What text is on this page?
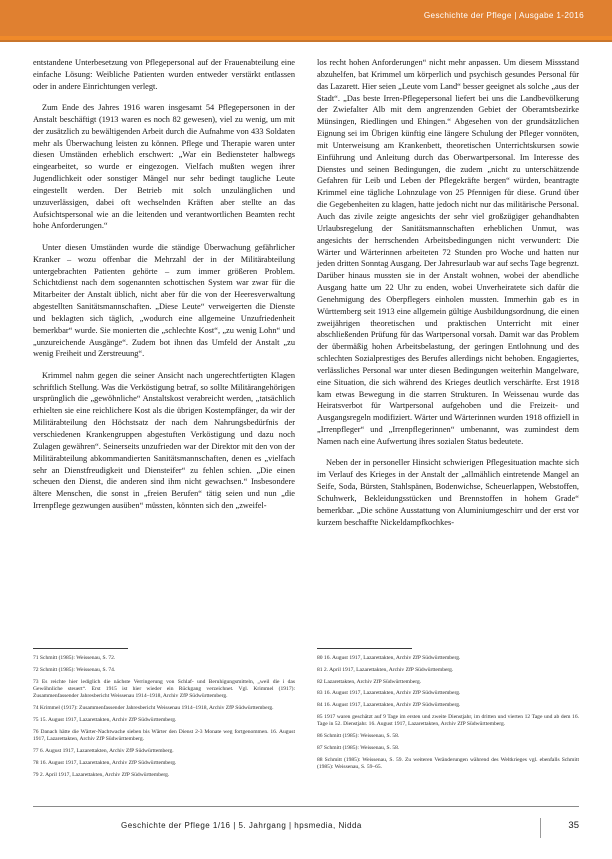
Geschichte der Pflege | Ausgabe 1-2016

entstandene Unterbesetzung von Pflegepersonal auf der Frauenabteilung eine einfache Lösung: Weibliche Patienten wurden entweder verstärkt entlassen oder in andere Einrichtungen verlegt.

Zum Ende des Jahres 1916 waren insgesamt 54 Pflegepersonen in der Anstalt beschäftigt (1913 waren es noch 82 gewesen), viel zu wenig, um mit der zusätzlich zu bewältigenden Arbeit durch die Aufnahme von 433 Soldaten mehr als Überwachung leisten zu können. Pflege und Therapie waren unter diesen Umständen erheblich erschwert: „War ein Bediensteter halbwegs eingearbeitet, so wurde er eingezogen. Vielfach mußten wegen ihrer Jugendlichkeit oder sonstiger Mängel nur sehr bedingt taugliche Leute eingestellt werden. Der Betrieb mit solch unzulänglichen und unzuverlässigen, dabei oft wechselnden Kräften aber stellte an das Aufsichtspersonal wie an die leitenden und verantwortlichen Beamten recht hohe Anforderungen.“

Unter diesen Umständen wurde die ständige Überwachung gefährlicher Kranker – wozu offenbar die Mehrzahl der in der Militärabteilung untergebrachten Patienten gehörte – zum immer größeren Problem. Schichtdienst nach dem sogenannten schottischen System war zwar für die Mitarbeiter der Anstalt üblich, nicht aber für die von der Heeresverwaltung abgestellten Sanitätsmannschaften. „Diese Leute“ verweigerten die Dienste und beklagten sich täglich, „wodurch eine allgemeine Unzufriedenheit bemerkbar“ wurde. Sie monierten die „schlechte Kost“, „zu wenig Lohn“ und „unzureichende Ausgänge“. Zudem bot ihnen das Umfeld der Anstalt „zu wenig Freiheit und Zerstreuung“.

Krimmel nahm gegen die seiner Ansicht nach ungerechtfertigten Klagen schriftlich Stellung. Was die Verköstigung betraf, so sollte Militärangehörigen ursprünglich die „gewöhnliche“ Anstaltskost verabreicht werden, „tatsächlich erhielten sie eine reichlichere Kost als die übrigen Kostempfänger, da wir der Militärabteilung den Höchstsatz der nach dem Nahrungsbedürfnis der verschiedenen Krankengruppen abgestuften Verköstigung und dazu noch Zulagen gewähren“. Seinerseits unzufrieden war der Direktor mit den von der Militärabteilung abkommandierten Sanitätsmannschaften, denen es „vielfach sehr an Dienstfreudigkeit und Diensteifer“ zu fehlen schien. „Die einen scheuen den Dienst, die anderen sind ihm nicht gewachsen.“ Insbesondere ältere Menschen, die sonst in „freien Berufen“ tätig seien und nun „die Irrenpflege gezwungen ausüben“ müssten, könnten sich den „zweifel-

los recht hohen Anforderungen“ nicht mehr anpassen. Um diesem Missstand abzuhelfen, bat Krimmel um körperlich und psychisch gesundes Personal für das Lazarett. Hier seien „Leute vom Land“ besser geeignet als solche „aus der Stadt“. „Das beste Irren-Pflegepersonal liefert bei uns die Landbevölkerung der Zwiefalter Alb mit dem angrenzenden Gebiet der Oberamtsbezirke Münsingen, Riedlingen und Ehingen.“ Abgesehen von der grundsätzlichen Eignung sei im Übrigen künftig eine längere Schulung der Pfleger vonnöten, mit Unterweisung am Krankenbett, theoretischen Unterrichtskursen sowie Einführung und Anleitung durch das Oberwartpersonal. Im Interesse des Dienstes und seinen Bedingungen, die zudem „nicht zu unterschätzende Gefahren für Leib und Leben der Pflegekräfte bergen“ würden, beantragte Krimmel eine tägliche Lohnzulage von 25 Pfennigen für diese. Grund über die Gegebenheiten zu klagen, hatte jedoch nicht nur das militärische Personal. Auch das zivile zeigte angesichts der sehr viel großzügiger gehandhabten Urlaubsregelung der Sanitätsmannschaften erheblichen Unmut, was angesichts der herrschenden Arbeitsbedingungen nicht verwundert: Die Wärter und Wärterinnen arbeiteten 72 Stunden pro Woche und hatten nur jeden dritten Sonntag Ausgang. Der Jahresurlaub war auf sechs Tage begrenzt. Darüber hinaus mussten sie in der Anstalt wohnen, wobei der abendliche Ausgang hatte um 22 Uhr zu enden, wobei Unverheiratete sich dafür die Genehmigung des Oberpflegers einholen mussten. Immerhin gab es in Württemberg seit 1913 eine allgemein gültige Ausbildungsordnung, die einen zweijährigen theoretischen und praktischen Unterricht mit einer abschließenden Prüfung für das Wartpersonal vorsah. Damit war das Problem der übermäßig hohen Arbeitsbelastung, der geringen Entlohnung und des schlechten Sozialprestiges des Berufes allerdings nicht behoben. Engagiertes, verlässliches Personal war unter diesen Bedingungen weiterhin Mangelware, eine Situation, die sich während des Krieges deutlich verschärfte. Erst 1918 kam etwas Bewegung in die starren Strukturen. In Weissenau wurde das Heiratsverbot für Wartpersonal aufgehoben und die Freizeit- und Ausgangsregeln modifiziert. Wärter und Wärterinnen wurden 1918 offiziell in „Irrenpfleger“ und „Irrenpflegerinnen“ umbenannt, was zumindest dem Namen nach eine Aufwertung ihres sozialen Status bedeutete.

Neben der in personeller Hinsicht schwierigen Pflegesituation machte sich im Verlauf des Krieges in der Anstalt der „allmählich eintretende Mangel an Seife, Soda, Bürsten, Stahlspänen, Bodenwichse, Scheuerlappen, Webstoffen, Schuhwerk, Bekleidungsstücken und Brennstoffen in hohem Grade“ bemerkbar. „Die schöne Ausstattung von Aluminiumgeschirr und der erst vor kurzem beschaffte Nickeldampfkochkes-

71 Schmitt (1985): Weissenau, S. 72.

72 Schmitt (1985): Weissenau, S. 74.

73 Es reichte hier lediglich die nächste Verringerung von Schlaf- und Beruhigungsmitteln, „weil die i das Gewöhnliche steuert“. Erst 1915 ist hier wieder ein Rückgang verzeichnet. Vgl. Krimmel (1917): Zusammenfassender Jahresbericht Weissenau 1914–1918, Archiv ZfP Südwürttemberg.

74 Krimmel (1917): Zusammenfassender Jahresbericht Weissenau 1914–1918, Archiv ZfP Südwürttemberg.

75 15. August 1917, Lazarettakten, Archiv ZfP Südwürttemberg.

76 Danach hätte die Wärter-Nachtwache sieben bis Wärter den Dienst 2-3 Monate weg fortgenommen. 16. August 1917, Lazarettakten, Archiv ZfP Südwürttemberg.

77 6. August 1917, Lazarettakten, Archiv ZfP Südwürttemberg.

78 16. August 1917, Lazarettakten, Archiv ZfP Südwürttemberg.

79 2. April 1917, Lazarettakten, Archiv ZfP Südwürttemberg.

80 16. August 1917, Lazarettakten, Archiv ZfP Südwürttemberg.

81 2. April 1917, Lazarettakten, Archiv ZfP Südwürttemberg.

82 Lazarettakten, Archiv ZfP Südwürttemberg.

83 16. August 1917, Lazarettakten, Archiv ZfP Südwürttemberg.

84 16. August 1917, Lazarettakten, Archiv ZfP Südwürttemberg.

85 1917 waren geschätzt auf 9 Tage im ersten und zweite Dienstjahr, im dritten und vierten 12 Tage und ab dem 16. Tage in 52. Dienstjahr. 16. August 1917, Lazarettakten, Archiv ZfP Südwürttemberg.

86 Schmitt (1985): Weissenau, S. 58.

87 Schmitt (1985): Weissenau, S. 58.

88 Schmitt (1985): Weissenau, S. 59. Zu weiteren Veränderungen während des Weltkrieges vgl. ebenfalls Schmitt (1985): Weissenau, S. 59–65.

Geschichte der Pflege 1/16 | 5. Jahrgang | hpsmedia, Nidda	35
